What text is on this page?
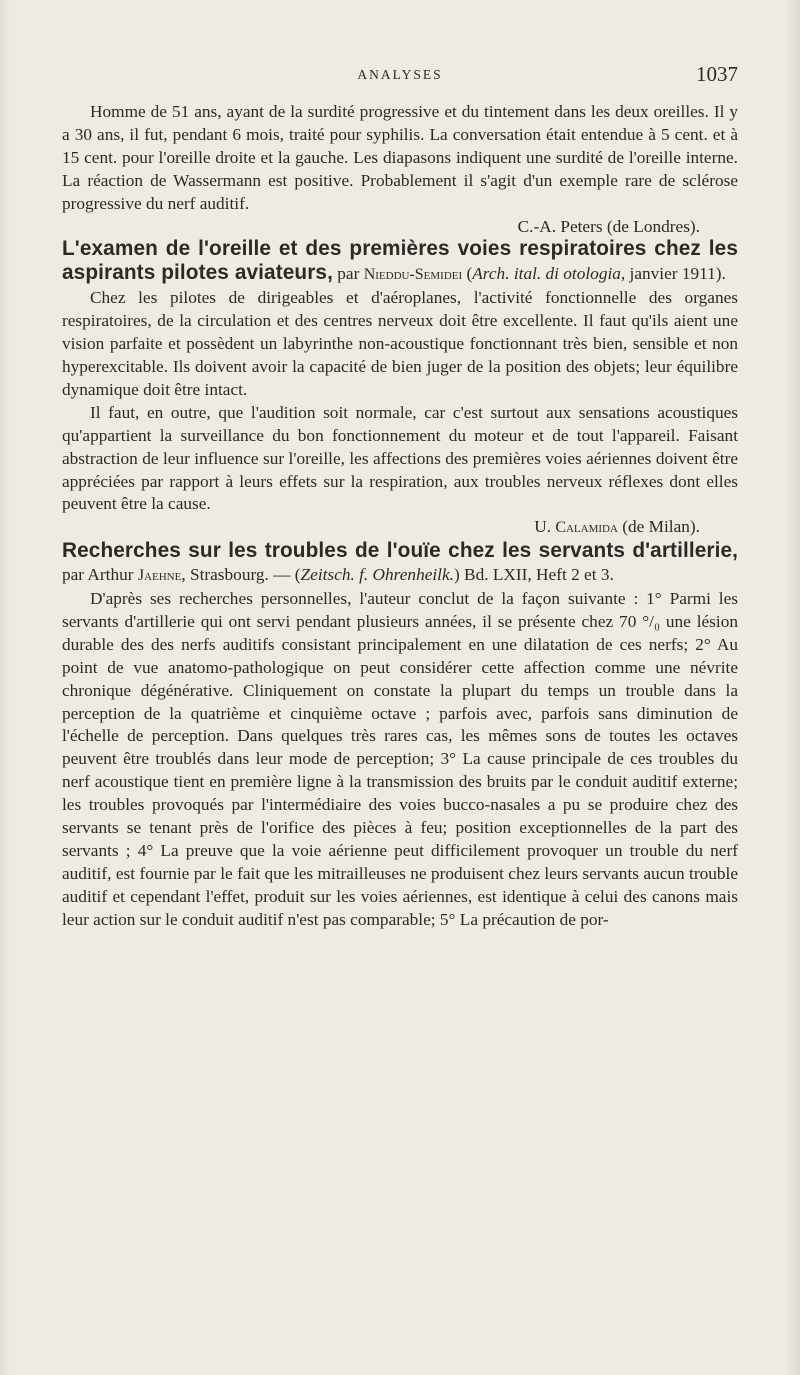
ANALYSES	1037

Homme de 51 ans, ayant de la surdité progressive et du tintement dans les deux oreilles. Il y a 30 ans, il fut, pendant 6 mois, traité pour syphilis. La conversation était entendue à 5 cent. et à 15 cent. pour l'oreille droite et la gauche. Les diapasons indiquent une surdité de l'oreille interne. La réaction de Wassermann est positive. Probablement il s'agit d'un exemple rare de sclérose progressive du nerf auditif.

C.-A. Peters (de Londres).

L'examen de l'oreille et des premières voies respiratoires chez les aspirants pilotes aviateurs, par Nieddu-Semidei (Arch. ital. di otologia, janvier 1911).

Chez les pilotes de dirigeables et d'aéroplanes, l'activité fonctionnelle des organes respiratoires, de la circulation et des centres nerveux doit être excellente. Il faut qu'ils aient une vision parfaite et possèdent un labyrinthe non-acoustique fonctionnant très bien, sensible et non hyperexcitable. Ils doivent avoir la capacité de bien juger de la position des objets; leur équilibre dynamique doit être intact.

Il faut, en outre, que l'audition soit normale, car c'est surtout aux sensations acoustiques qu'appartient la surveillance du bon fonctionnement du moteur et de tout l'appareil. Faisant abstraction de leur influence sur l'oreille, les affections des premières voies aériennes doivent être appréciées par rapport à leurs effets sur la respiration, aux troubles nerveux réflexes dont elles peuvent être la cause.

U. Calamida (de Milan).

Recherches sur les troubles de l'ouïe chez les servants d'artillerie, par Arthur Jaehne, Strasbourg. — (Zeitsch. f. Ohrenheilk.) Bd. LXII, Heft 2 et 3.

D'après ses recherches personnelles, l'auteur conclut de la façon suivante : 1° Parmi les servants d'artillerie qui ont servi pendant plusieurs années, il se présente chez 70 °/₀ une lésion durable des des nerfs auditifs consistant principalement en une dilatation de ces nerfs; 2° Au point de vue anatomo-pathologique on peut considérer cette affection comme une névrite chronique dégénérative. Cliniquement on constate la plupart du temps un trouble dans la perception de la quatrième et cinquième octave ; parfois avec, parfois sans diminution de l'échelle de perception. Dans quelques très rares cas, les mêmes sons de toutes les octaves peuvent être troublés dans leur mode de perception; 3° La cause principale de ces troubles du nerf acoustique tient en première ligne à la transmission des bruits par le conduit auditif externe; les troubles provoqués par l'intermédiaire des voies bucco-nasales a pu se produire chez des servants se tenant près de l'orifice des pièces à feu; position exceptionnelles de la part des servants ; 4° La preuve que la voie aérienne peut difficilement provoquer un trouble du nerf auditif, est fournie par le fait que les mitrailleuses ne produisent chez leurs servants aucun trouble auditif et cependant l'effet, produit sur les voies aériennes, est identique à celui des canons mais leur action sur le conduit auditif n'est pas comparable; 5° La précaution de por-
